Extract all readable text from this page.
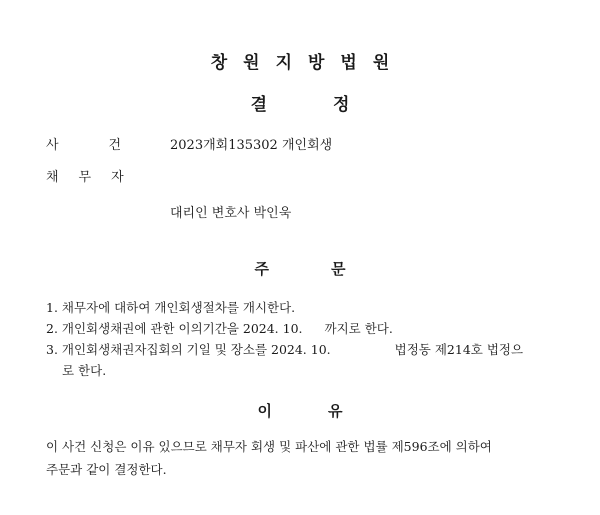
창원지방법원
결정
사건
2023개회135302 개인회생
채무자
대리인 변호사 박인욱
주문
1. 채무자에 대하여 개인회생절차를 개시한다.
2. 개인회생채권에 관한 이의기간을 2024. 10. 까지로 한다.
3. 개인회생채권자집회의 기일 및 장소를 2024. 10.	법정동 제214호 법정으
로 한다.
이유
이 사건 신청은 이유 있으므로 채무자 회생 및 파산에 관한 법률 제596조에 의하여
주문과 같이 결정한다.
